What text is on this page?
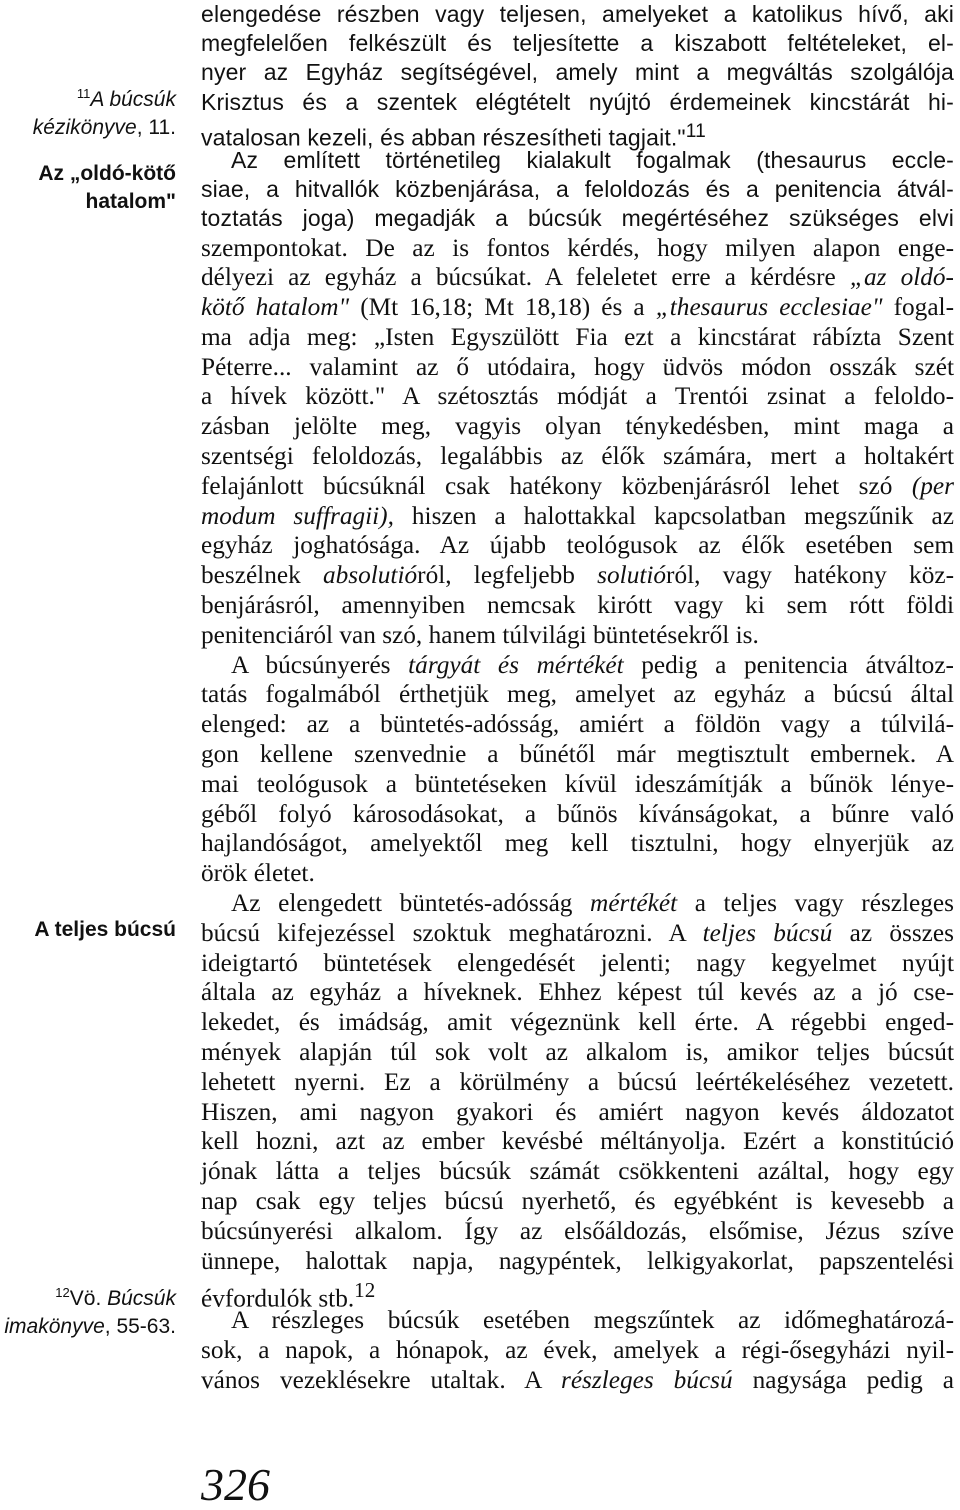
$^{11}$A búcsúk
kézikönyve, 11.
Az „oldó-kötő
hatalom"
A teljes búcsú
$^{12}$Vö. Búcsúk
imakönyve, 55-63.
elengedése részben vagy teljesen, amelyeket a katolikus hívő, aki
megfelelően felkészült és teljesítette a kiszabott feltételeket, el-
nyer az Egyház segítségével, amely mint a megváltás szolgálója
Krisztus és a szentek elégtételt nyújtó érdemeinek kincstárát hi-
vatalosan kezeli, és abban részesítheti tagjait."$^{11}$
Az említett történetileg kialakult fogalmak (thesaurus eccle-
siae, a hitvallók közbenjárása, a feloldozás és a penitencia átvál-
toztatás joga) megadják a búcsúk megértéséhez szükséges elvi
szempontokat. De az is fontos kérdés, hogy milyen alapon enge-
délyezi az egyház a búcsúkat. A feleletet erre a kérdésre „az oldó-
kötő hatalom" (Mt 16,18; Mt 18,18) és a „thesaurus ecclesiae" fogal-
ma adja meg: „Isten Egyszülött Fia ezt a kincstárat rábízta Szent
Péterre... valamint az ő utódaira, hogy üdvös módon osszák szét
a hívek között." A szétosztás módját a Trentói zsinat a feloldo-
zásban jelölte meg, vagyis olyan ténykedésben, mint maga a
szentségi feloldozás, legalábbis az élők számára, mert a holtakért
felajánlott búcsúknál csak hatékony közbenjárásról lehet szó (per
modum suffragii), hiszen a halottakkal kapcsolatban megszűnik az
egyház joghatósága. Az újabb teológusok az élők esetében sem
beszélnek absolutióról, legfeljebb solutióról, vagy hatékony köz-
benjárásról, amennyiben nemcsak kirótt vagy ki sem rótt földi
penitenciáról van szó, hanem túlvilági büntetésekről is.
A búcsúnyerés tárgyát és mértékét pedig a penitencia átváltoz-
tatás fogalmából érthetjük meg, amelyet az egyház a búcsú által
elenged: az a büntetés-adósság, amiért a földön vagy a túlvilá-
gon kellene szenvednie a bűnétől már megtisztult embernek. A
mai teológusok a büntetéseken kívül ideszámítják a bűnök lénye-
géből folyó károsodásokat, a bűnös kívánságokat, a bűnre való
hajlandóságot, amelyektől meg kell tisztulni, hogy elnyerjük az
örök életet.
Az elengedett büntetés-adósság mértékét a teljes vagy részleges
búcsú kifejezéssel szoktuk meghatározni. A teljes búcsú az összes
ideigtartó büntetések elengedését jelenti; nagy kegyelmet nyújt
általa az egyház a híveknek. Ehhez képest túl kevés az a jó cse-
lekedet, és imádság, amit végeznünk kell érte. A régebbi enged-
mények alapján túl sok volt az alkalom is, amikor teljes búcsút
lehetett nyerni. Ez a körülmény a búcsú leértékeléséhez vezetett.
Hiszen, ami nagyon gyakori és amiért nagyon kevés áldozatot
kell hozni, azt az ember kevésbé méltányolja. Ezért a konstitúció
jónak látta a teljes búcsúk számát csökkenteni azáltal, hogy egy
nap csak egy teljes búcsú nyerhető, és egyébként is kevesebb a
búcsúnyerési alkalom. Így az elsőáldozás, elsőmise, Jézus szíve
ünnepe, halottak napja, nagypéntek, lelkigyakorlat, papszentelési
évfordulók stb.$^{12}$
A részleges búcsúk esetében megszűntek az időmeghatározá-
sok, a napok, a hónapok, az évek, amelyek a régi-ősegyházi nyil-
vános vezeklésekre utaltak. A részleges búcsú nagysága pedig a
326
